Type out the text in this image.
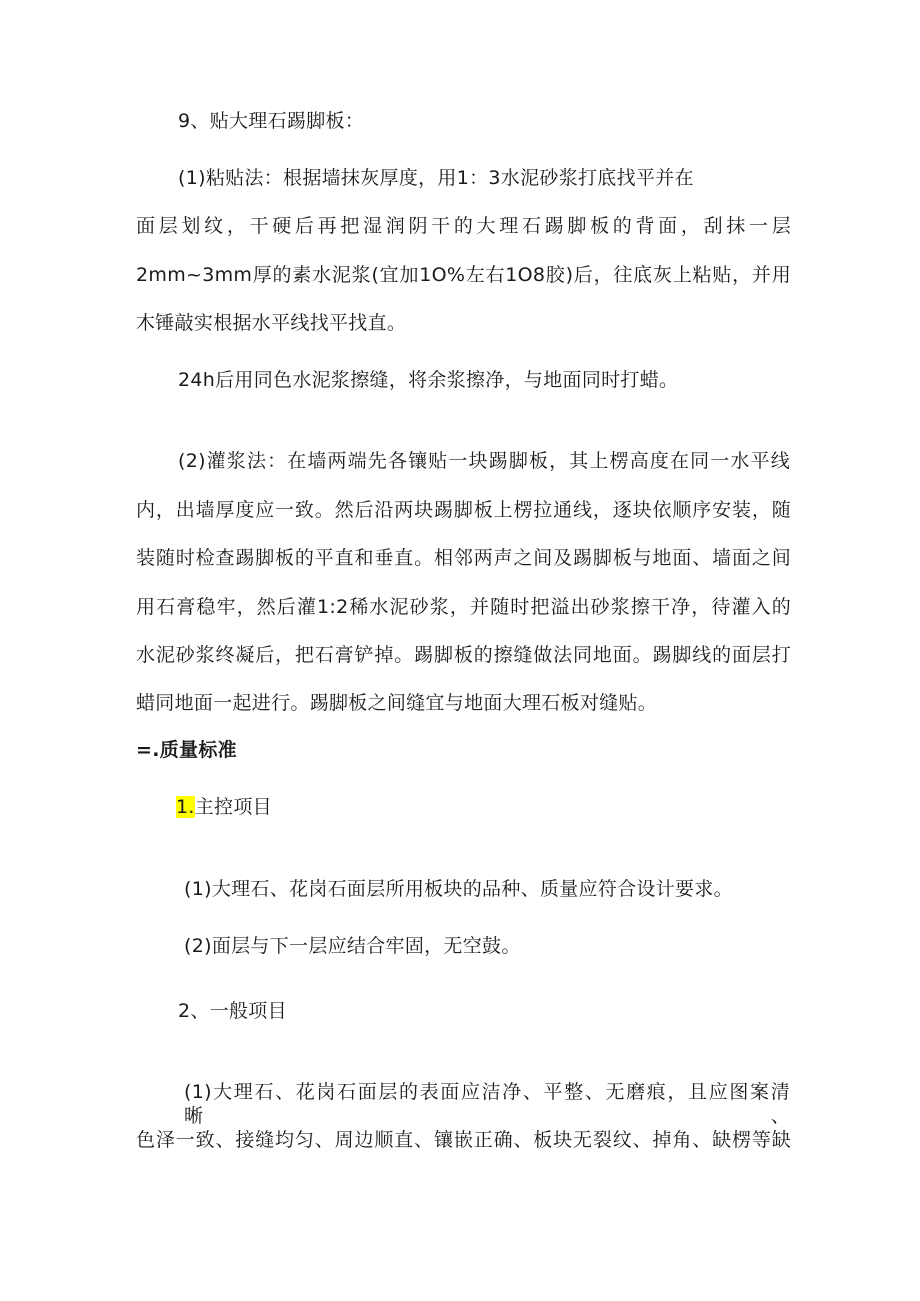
9、贴大理石踢脚板：
(1)粘贴法：根据墙抹灰厚度，用1：3水泥砂浆打底找平并在
面层划纹，干硬后再把湿润阴干的大理石踢脚板的背面，刮抹一层
2mm~3mm厚的素水泥浆(宜加1O%左右1O8胶)后，往底灰上粘贴，并用
木锤敲实根据水平线找平找直。
24h后用同色水泥浆擦缝，将余浆擦净，与地面同时打蜡。
(2)灌浆法：在墙两端先各镶贴一块踢脚板，其上楞高度在同一水平线
内，出墙厚度应一致。然后沿两块踢脚板上楞拉通线，逐块依顺序安装，随
装随时检查踢脚板的平直和垂直。相邻两声之间及踢脚板与地面、墙面之间
用石膏稳牢，然后灌1:2稀水泥砂浆，并随时把溢出砂浆擦干净，待灌入的
水泥砂浆终凝后，把石膏铲掉。踢脚板的擦缝做法同地面。踢脚线的面层打
蜡同地面一起进行。踢脚板之间缝宜与地面大理石板对缝贴。
=.质量标准
1.主控项目
(1)大理石、花岗石面层所用板块的品种、质量应符合设计要求。
(2)面层与下一层应结合牢固，无空鼓。
2、一般项目
(1)大理石、花岗石面层的表面应洁净、平整、无磨痕，且应图案清晰、
色泽一致、接缝均匀、周边顺直、镶嵌正确、板块无裂纹、掉角、缺楞等缺
